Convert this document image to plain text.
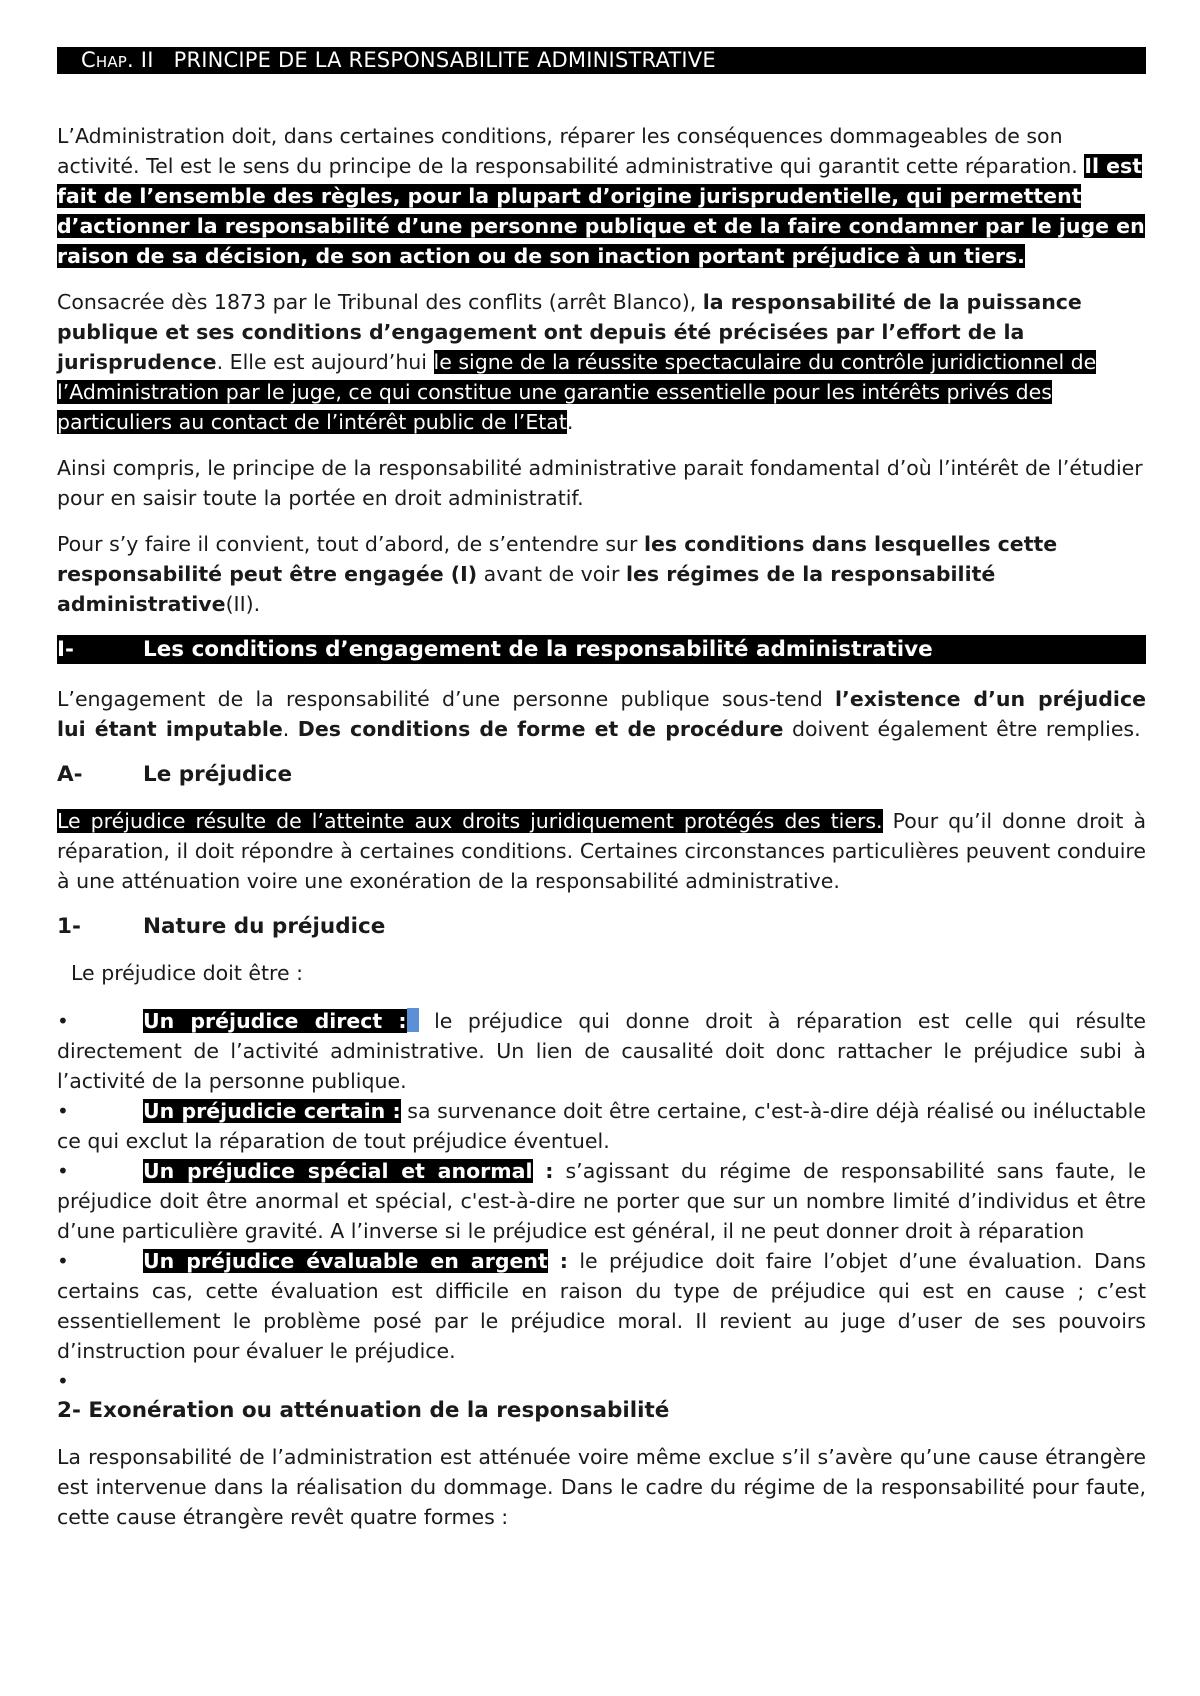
Chap. II PRINCIPE DE LA RESPONSABILITE ADMINISTRATIVE

L’Administration doit, dans certaines conditions, réparer les conséquences dommageables de son activité. Tel est le sens du principe de la responsabilité administrative qui garantit cette réparation. Il est fait de l’ensemble des règles, pour la plupart d’origine jurisprudentielle, qui permettent d’actionner la responsabilité d’une personne publique et de la faire condamner par le juge en raison de sa décision, de son action ou de son inaction portant préjudice à un tiers.

Consacrée dès 1873 par le Tribunal des conflits (arrêt Blanco), la responsabilité de la puissance publique et ses conditions d’engagement ont depuis été précisées par l’effort de la jurisprudence. Elle est aujourd’hui le signe de la réussite spectaculaire du contrôle juridictionnel de l’Administration par le juge, ce qui constitue une garantie essentielle pour les intérêts privés des particuliers au contact de l’intérêt public de l’Etat.

Ainsi compris, le principe de la responsabilité administrative parait fondamental d’où l’intérêt de l’étudier pour en saisir toute la portée en droit administratif.

Pour s’y faire il convient, tout d’abord, de s’entendre sur les conditions dans lesquelles cette responsabilité peut être engagée (I) avant de voir les régimes de la responsabilité administrative(II).

I-	Les conditions d’engagement de la responsabilité administrative

L’engagement de la responsabilité d’une personne publique sous-tend l’existence d’un préjudice lui étant imputable. Des conditions de forme et de procédure doivent également être remplies.

A-	Le préjudice

Le préjudice résulte de l’atteinte aux droits juridiquement protégés des tiers. Pour qu’il donne droit à réparation, il doit répondre à certaines conditions. Certaines circonstances particulières peuvent conduire à une atténuation voire une exonération de la responsabilité administrative.

1-	Nature du préjudice

Le préjudice doit être :

•	Un préjudice direct : le préjudice qui donne droit à réparation est celle qui résulte directement de l’activité administrative. Un lien de causalité doit donc rattacher le préjudice subi à l’activité de la personne publique.

•	Un préjudicie certain : sa survenance doit être certaine, c'est-à-dire déjà réalisé ou inéluctable ce qui exclut la réparation de tout préjudice éventuel.

•	Un préjudice spécial et anormal : s’agissant du régime de responsabilité sans faute, le préjudice doit être anormal et spécial, c'est-à-dire ne porter que sur un nombre limité d’individus et être d’une particulière gravité. A l’inverse si le préjudice est général, il ne peut donner droit à réparation

•	Un préjudice évaluable en argent : le préjudice doit faire l’objet d’une évaluation. Dans certains cas, cette évaluation est difficile en raison du type de préjudice qui est en cause ; c’est essentiellement le problème posé par le préjudice moral. Il revient au juge d’user de ses pouvoirs d’instruction pour évaluer le préjudice.

•

2- Exonération ou atténuation de la responsabilité

La responsabilité de l’administration est atténuée voire même exclue s’il s’avère qu’une cause étrangère est intervenue dans la réalisation du dommage. Dans le cadre du régime de la responsabilité pour faute, cette cause étrangère revêt quatre formes :
